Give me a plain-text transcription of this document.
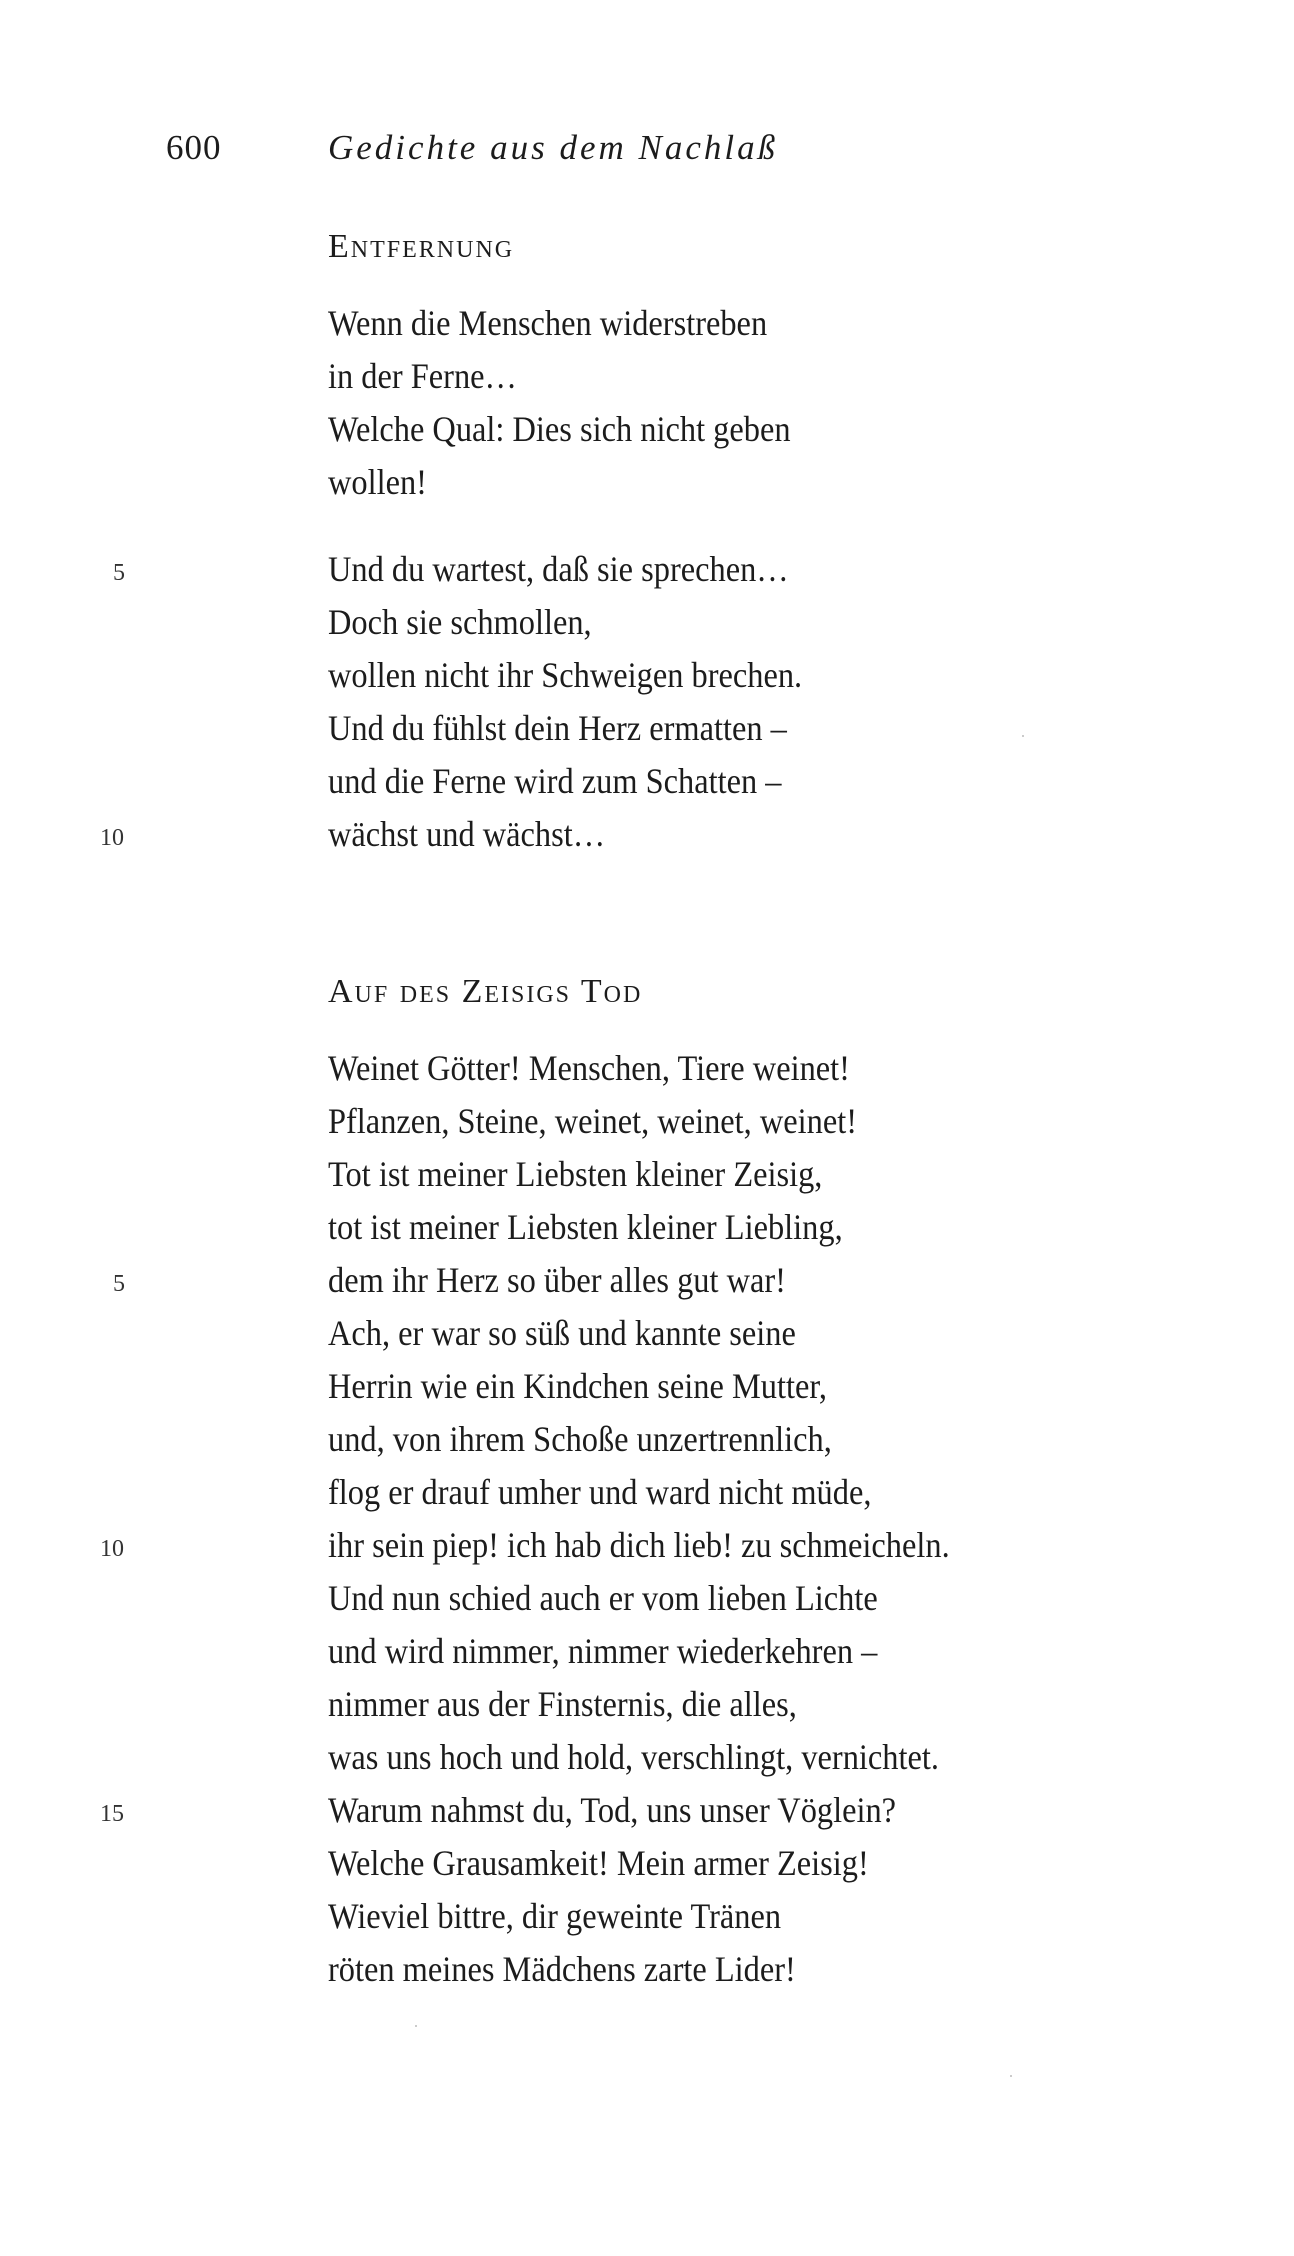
600	Gedichte aus dem Nachlaß
Entfernung
Wenn die Menschen widerstreben
in der Ferne…
Welche Qual: Dies sich nicht geben
wollen!
Und du wartest, daß sie sprechen…
Doch sie schmollen,
wollen nicht ihr Schweigen brechen.
Und du fühlst dein Herz ermatten –
und die Ferne wird zum Schatten –
wächst und wächst…
5
10
Auf des Zeisigs Tod
Weinet Götter! Menschen, Tiere weinet!
Pflanzen, Steine, weinet, weinet, weinet!
Tot ist meiner Liebsten kleiner Zeisig,
tot ist meiner Liebsten kleiner Liebling,
dem ihr Herz so über alles gut war!
Ach, er war so süß und kannte seine
Herrin wie ein Kindchen seine Mutter,
und, von ihrem Schoße unzertrennlich,
flog er drauf umher und ward nicht müde,
ihr sein piep! ich hab dich lieb! zu schmeicheln.
Und nun schied auch er vom lieben Lichte
und wird nimmer, nimmer wiederkehren –
nimmer aus der Finsternis, die alles,
was uns hoch und hold, verschlingt, vernichtet.
Warum nahmst du, Tod, uns unser Vöglein?
Welche Grausamkeit! Mein armer Zeisig!
Wieviel bittre, dir geweinte Tränen
röten meines Mädchens zarte Lider!
5
10
15
